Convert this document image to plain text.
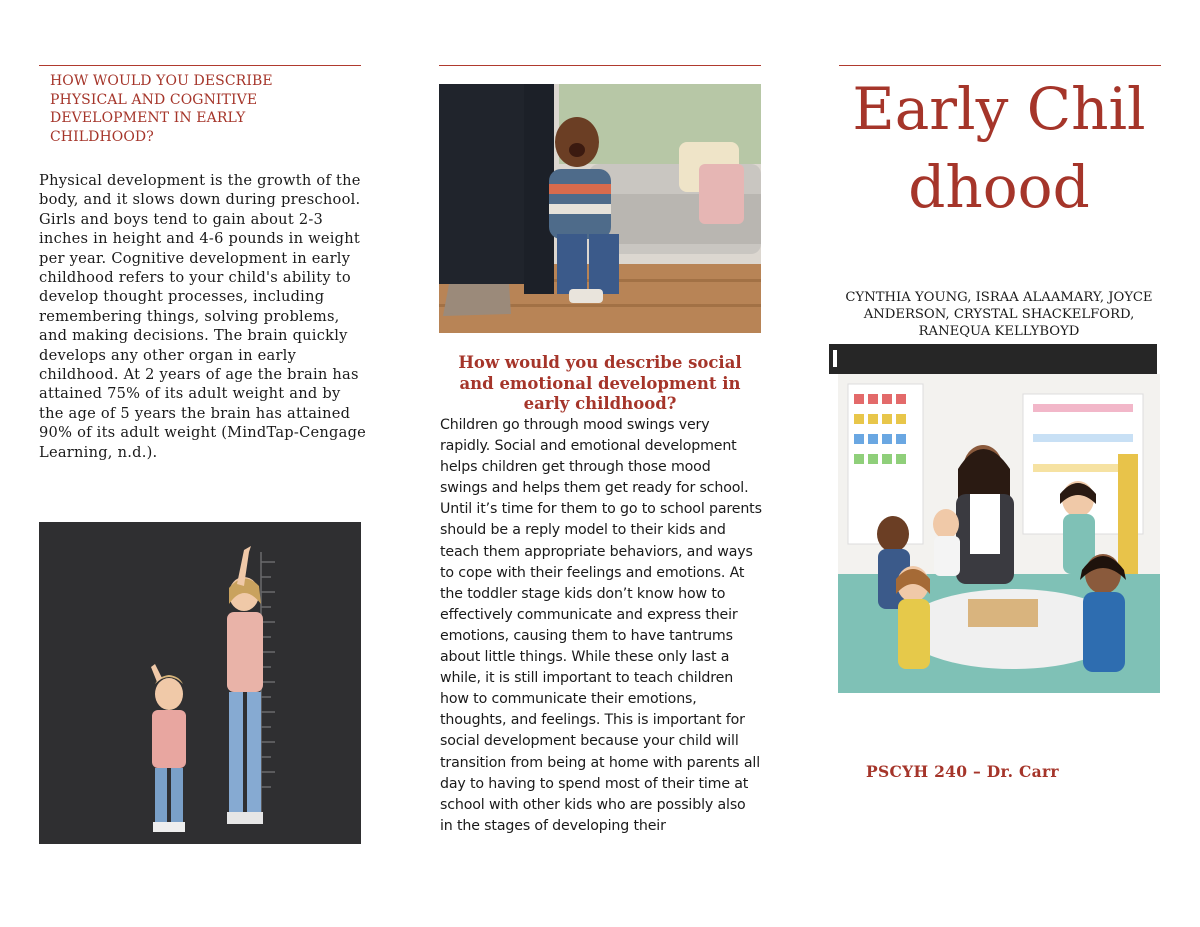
HOW WOULD YOU DESCRIBE PHYSICAL AND COGNITIVE DEVELOPMENT IN EARLY CHILDHOOD?
Physical development is the growth of the body, and it slows down during preschool. Girls and boys tend to gain about 2-3 inches in height and 4-6 pounds in weight per year. Cognitive development in early childhood refers to your child's ability to develop thought processes, including remembering things, solving problems, and making decisions. The brain quickly develops any other organ in early childhood. At 2 years of age the brain has attained 75% of its adult weight and by the age of 5 years the brain has attained 90% of its adult weight (MindTap-Cengage Learning, n.d.).
How would you describe social and emotional development in early childhood?
Children go through mood swings very rapidly. Social and emotional development helps children get through those mood swings and helps them get ready for school. Until it’s time for them to go to school parents should be a reply model to their kids and teach them appropriate behaviors, and ways to cope with their feelings and emotions. At the toddler stage kids don’t know how to effectively communicate and express their emotions, causing them to have tantrums about little things. While these only last a while, it is still important to teach children how to communicate their emotions, thoughts, and feelings. This is important for social development because your child will transition from being at home with parents all day to having to spend most of their time at school with other kids who are possibly also in the stages of developing their
Early Childhood
CYNTHIA YOUNG, ISRAA ALAAMARY, JOYCE ANDERSON, CRYSTAL SHACKELFORD, RANEQUA KELLYBOYD
PSCYH 240 – Dr. Carr
